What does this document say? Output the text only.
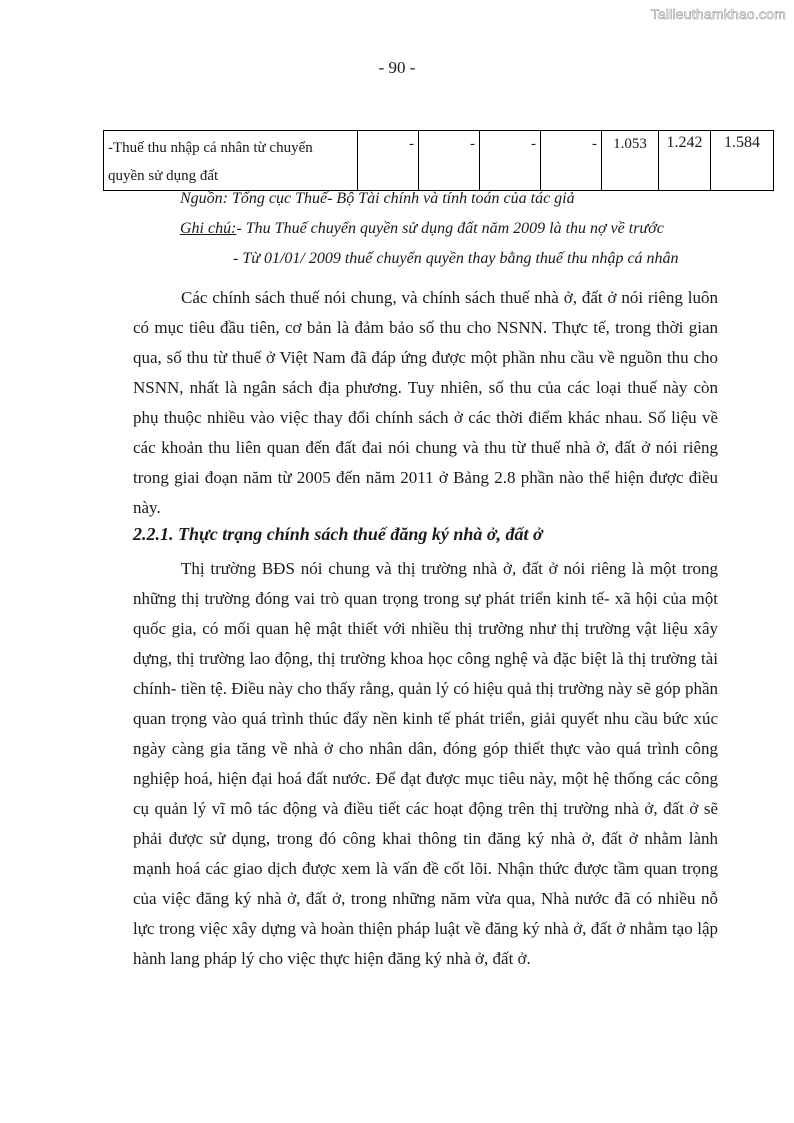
Tailieuthamkhao.com
- 90 -
-Thuế thu nhập cá nhân từ chuyển quyền sử dụng đất	-	-	-	-	1.053	1.242	1.584
Nguồn: Tổng cục Thuế- Bộ Tài chính và tính toán của tác giả
Ghi chú:- Thu Thuế chuyển quyền sử dụng đất năm 2009 là thu nợ về trước
- Từ 01/01/ 2009 thuế chuyển quyền thay bằng thuế thu nhập cá nhân

Các chính sách thuế nói chung, và chính sách thuế nhà ở, đất ở nói riêng luôn có mục tiêu đầu tiên, cơ bản là đảm bảo số thu cho NSNN. Thực tế, trong thời gian qua, số thu từ thuế ở Việt Nam đã đáp ứng được một phần nhu cầu về nguồn thu cho NSNN, nhất là ngân sách địa phương. Tuy nhiên, số thu của các loại thuế này còn phụ thuộc nhiều vào việc thay đổi chính sách ở các thời điểm khác nhau. Số liệu về các khoản thu liên quan đến đất đai nói chung và thu từ thuế nhà ở, đất ở nói riêng trong giai đoạn năm từ 2005 đến năm 2011 ở Bảng 2.8 phần nào thể hiện được điều này.

2.2.1. Thực trạng chính sách thuế đăng ký nhà ở, đất ở

Thị trường BĐS nói chung và thị trường nhà ở, đất ở nói riêng là một trong những thị trường đóng vai trò quan trọng trong sự phát triển kinh tế- xã hội của một quốc gia, có mối quan hệ mật thiết với nhiều thị trường như thị trường vật liệu xây dựng, thị trường lao động, thị trường khoa học công nghệ và đặc biệt là thị trường tài chính- tiền tệ. Điều này cho thấy rằng, quản lý có hiệu quả thị trường này sẽ góp phần quan trọng vào quá trình thúc đẩy nền kinh tế phát triển, giải quyết nhu cầu bức xúc ngày càng gia tăng về nhà ở cho nhân dân, đóng góp thiết thực vào quá trình công nghiệp hoá, hiện đại hoá đất nước. Để đạt được mục tiêu này, một hệ thống các công cụ quản lý vĩ mô tác động và điều tiết các hoạt động trên thị trường nhà ở, đất ở sẽ phải được sử dụng, trong đó công khai thông tin đăng ký nhà ở, đất ở nhằm lành mạnh hoá các giao dịch được xem là vấn đề cốt lõi. Nhận thức được tầm quan trọng của việc đăng ký nhà ở, đất ở, trong những năm vừa qua, Nhà nước đã có nhiều nỗ lực trong việc xây dựng và hoàn thiện pháp luật về đăng ký nhà ở, đất ở nhằm tạo lập hành lang pháp lý cho việc thực hiện đăng ký nhà ở, đất ở.
